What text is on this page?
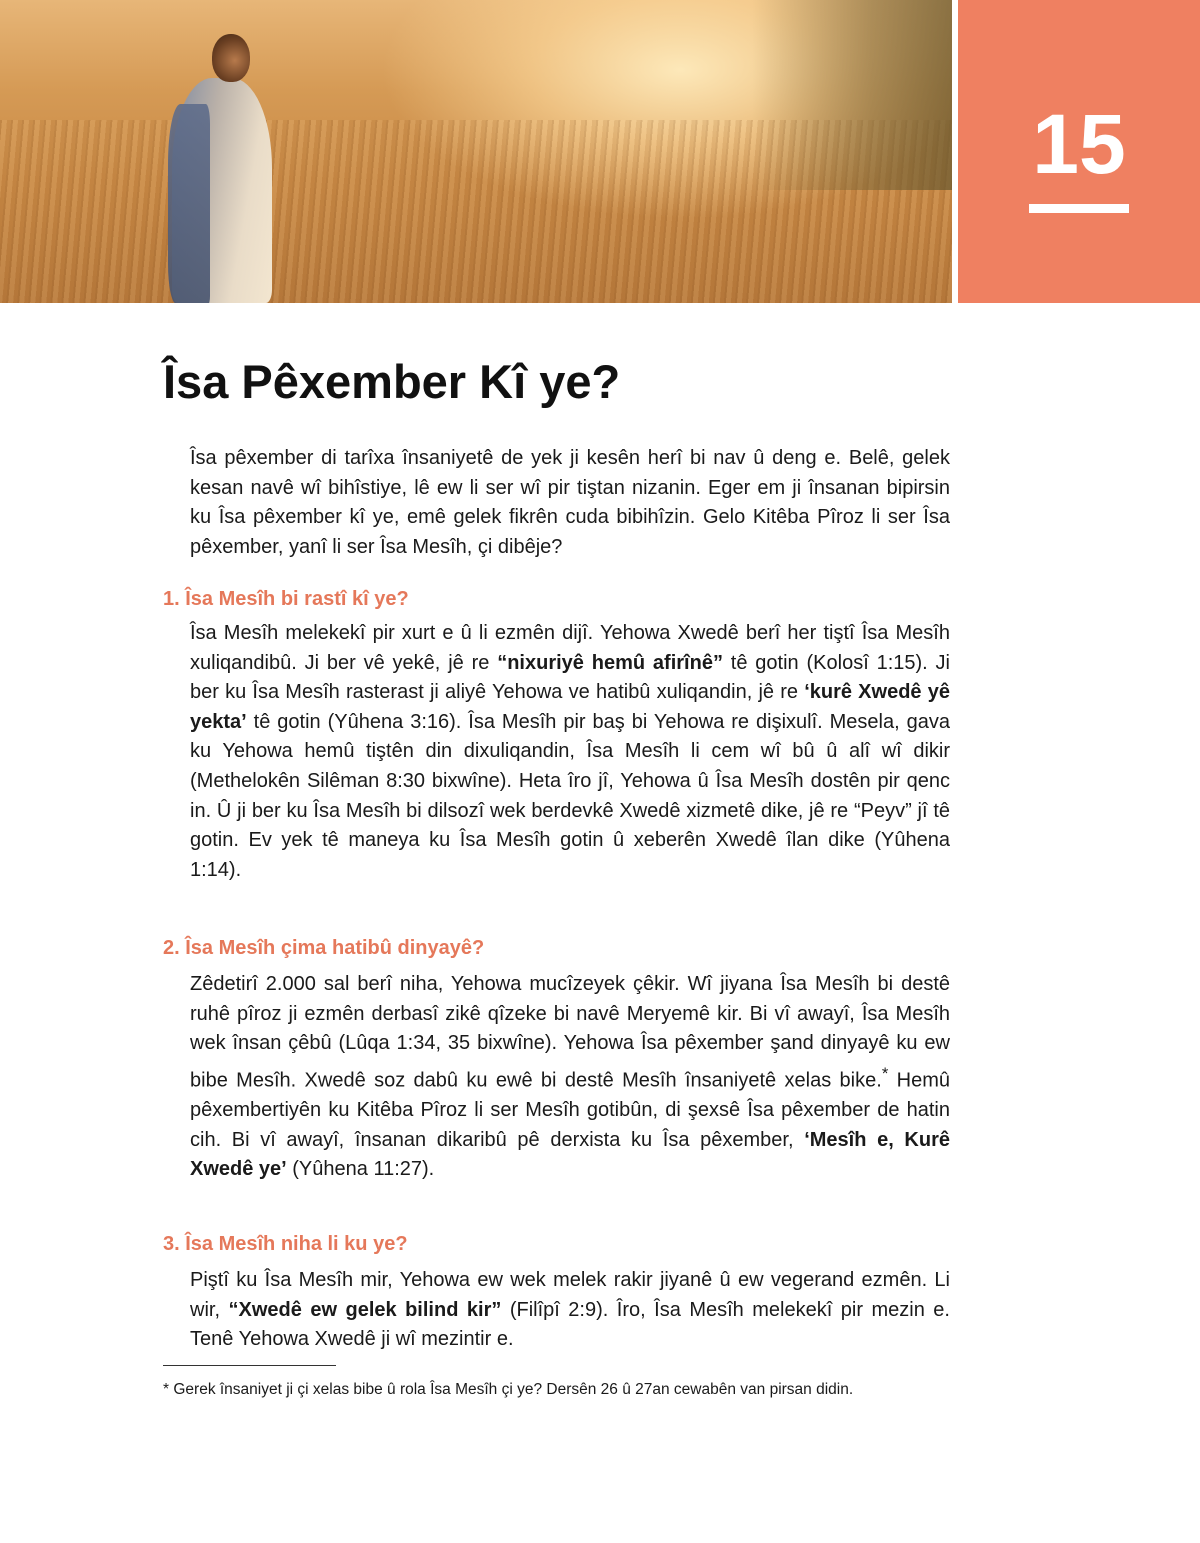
15
Îsa Pêxember Kî ye?

Îsa pêxember di tarîxa însaniyetê de yek ji kesên herî bi nav û deng e. Belê, gelek kesan navê wî bihîstiye, lê ew li ser wî pir tiştan nizanin. Eger em ji însanan bipirsin ku Îsa pêxember kî ye, emê gelek fikrên cuda bibihîzin. Gelo Kitêba Pîroz li ser Îsa pêxember, yanî li ser Îsa Mesîh, çi dibêje?

1. Îsa Mesîh bi rastî kî ye?

Îsa Mesîh melekekî pir xurt e û li ezmên dijî. Yehowa Xwedê berî her tiştî Îsa Mesîh xuliqandibû. Ji ber vê yekê, jê re “nixuriyê hemû afirînê” tê gotin (Kolosî 1:15). Ji ber ku Îsa Mesîh rasterast ji aliyê Yehowa ve hatibû xuliqandin, jê re ‘kurê Xwedê yê yekta’ tê gotin (Yûhena 3:16). Îsa Mesîh pir baş bi Yehowa re dişixulî. Mesela, gava ku Yehowa hemû tiştên din dixuliqandin, Îsa Mesîh li cem wî bû û alî wî dikir (Methelokên Silêman 8:30 bixwîne). Heta îro jî, Yehowa û Îsa Mesîh dostên pir qenc in. Û ji ber ku Îsa Mesîh bi dilsozî wek berdevkê Xwedê xizmetê dike, jê re “Peyv” jî tê gotin. Ev yek tê maneya ku Îsa Mesîh gotin û xeberên Xwedê îlan dike (Yûhena 1:14).

2. Îsa Mesîh çima hatibû dinyayê?

Zêdetirî 2.000 sal berî niha, Yehowa mucîzeyek çêkir. Wî jiyana Îsa Mesîh bi destê ruhê pîroz ji ezmên derbasî zikê qîzeke bi navê Meryemê kir. Bi vî awayî, Îsa Mesîh wek însan çêbû (Lûqa 1:34, 35 bixwîne). Yehowa Îsa pêxember şand dinyayê ku ew bibe Mesîh. Xwedê soz dabû ku ewê bi destê Mesîh însaniyetê xelas bike.* Hemû pêxembertiyên ku Kitêba Pîroz li ser Mesîh gotibûn, di şexsê Îsa pêxember de hatin cih. Bi vî awayî, însanan dikaribû pê derxista ku Îsa pêxember, ‘Mesîh e, Kurê Xwedê ye’ (Yûhena 11:27).

3. Îsa Mesîh niha li ku ye?

Piştî ku Îsa Mesîh mir, Yehowa ew wek melek rakir jiyanê û ew vegerand ezmên. Li wir, “Xwedê ew gelek bilind kir” (Filîpî 2:9). Îro, Îsa Mesîh melekekî pir mezin e. Tenê Yehowa Xwedê ji wî mezintir e.

* Gerek însaniyet ji çi xelas bibe û rola Îsa Mesîh çi ye? Dersên 26 û 27an cewabên van pirsan didin.
